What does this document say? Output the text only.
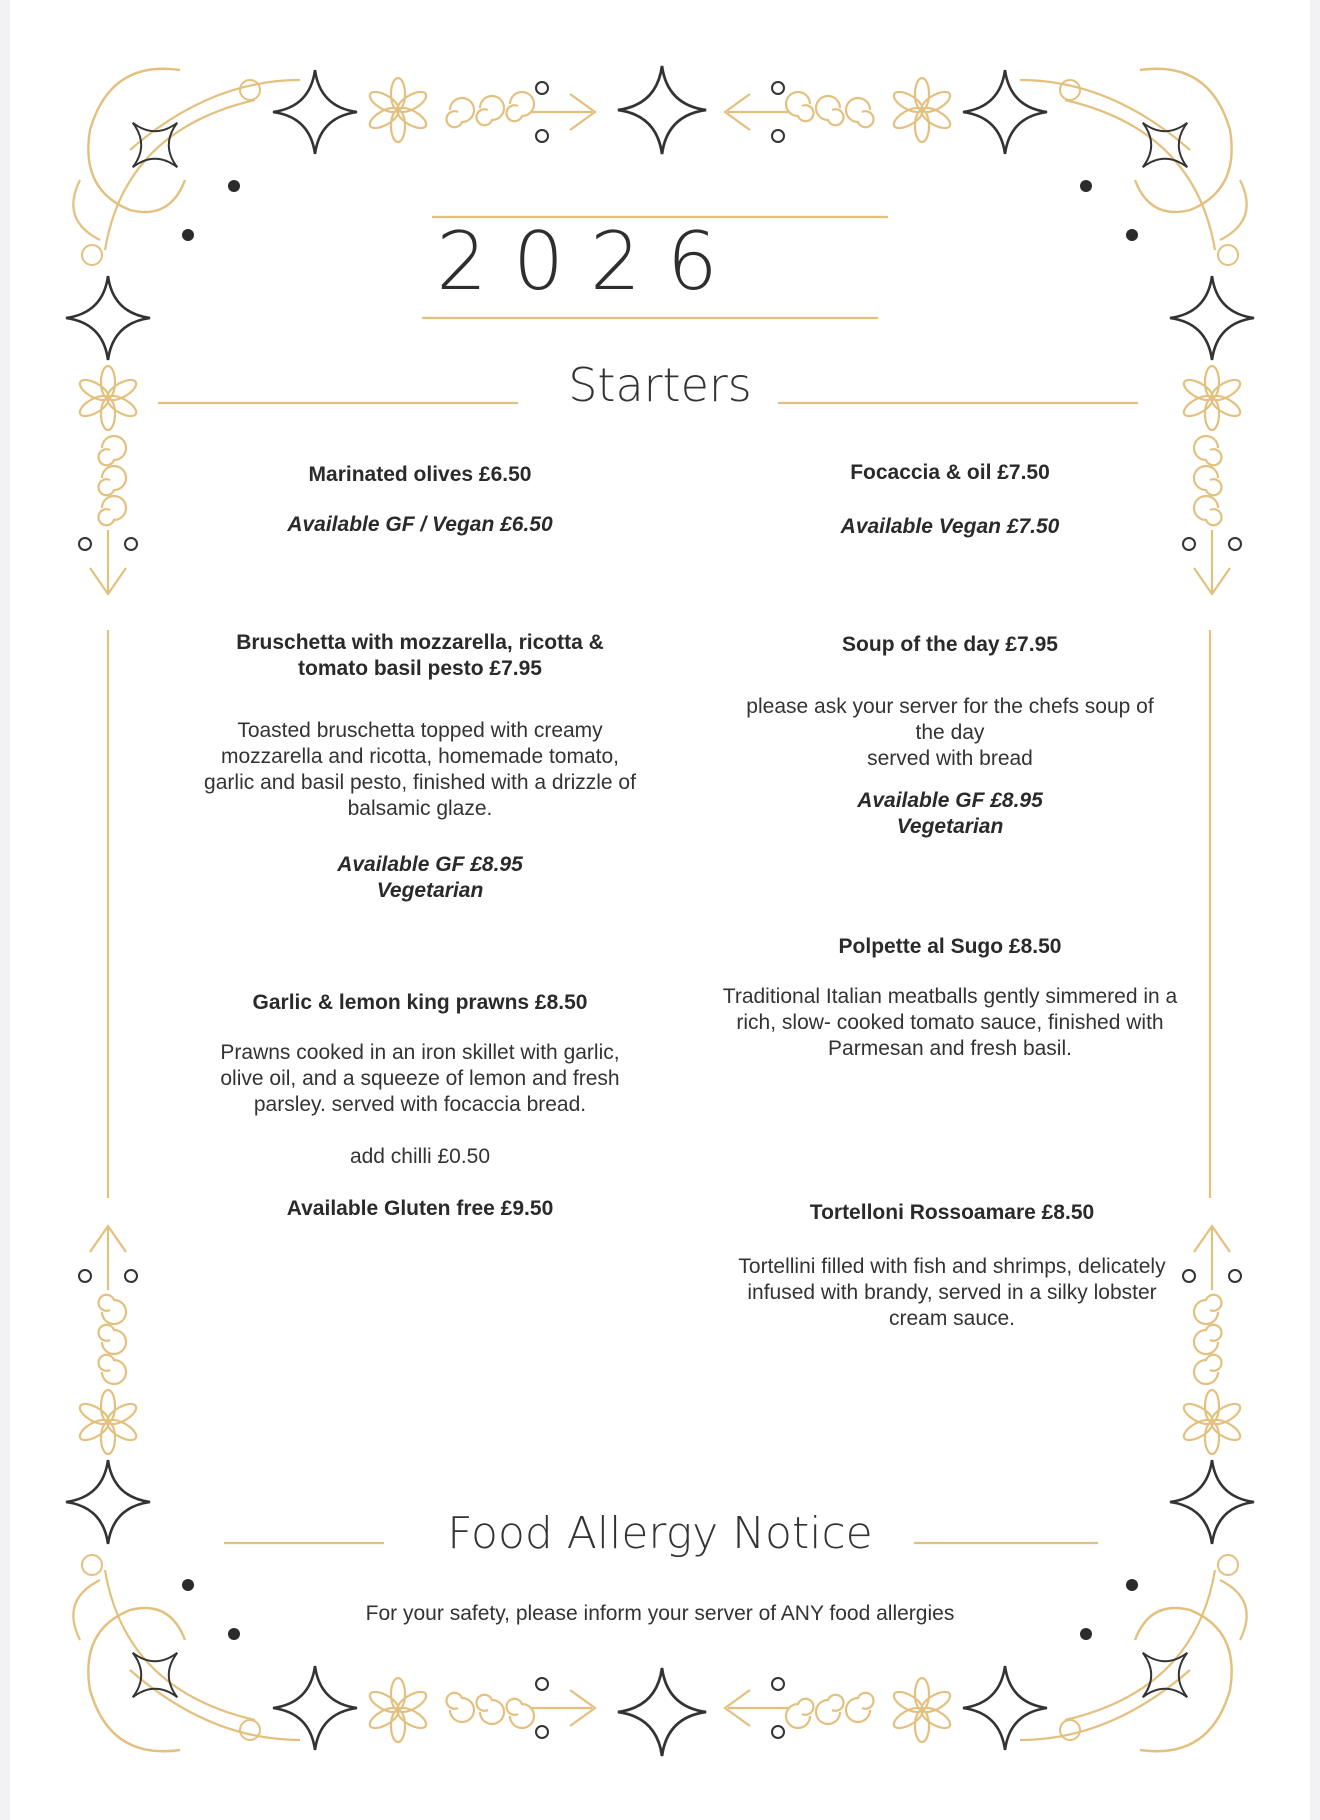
2026
Starters
Marinated olives £6.50
Available GF / Vegan £6.50
Bruschetta with mozzarella, ricotta & tomato basil pesto £7.95
Toasted bruschetta topped with creamy mozzarella and ricotta, homemade tomato, garlic and basil pesto, finished with a drizzle of balsamic glaze.
Available GF £8.95
Vegetarian
Garlic & lemon king prawns £8.50
Prawns cooked in an iron skillet with garlic, olive oil, and a squeeze of lemon and fresh parsley. served with focaccia bread.
add chilli £0.50
Available Gluten free £9.50
Focaccia & oil £7.50
Available Vegan £7.50
Soup of the day £7.95
please ask your server for the chefs soup of the day
served with bread
Available GF £8.95
Vegetarian
Polpette al Sugo £8.50
Traditional Italian meatballs gently simmered in a rich, slow- cooked tomato sauce, finished with Parmesan and fresh basil.
Tortelloni Rossoamare £8.50
Tortellini filled with fish and shrimps, delicately infused with brandy, served in a silky lobster cream sauce.
Food Allergy Notice
For your safety, please inform your server of ANY food allergies
